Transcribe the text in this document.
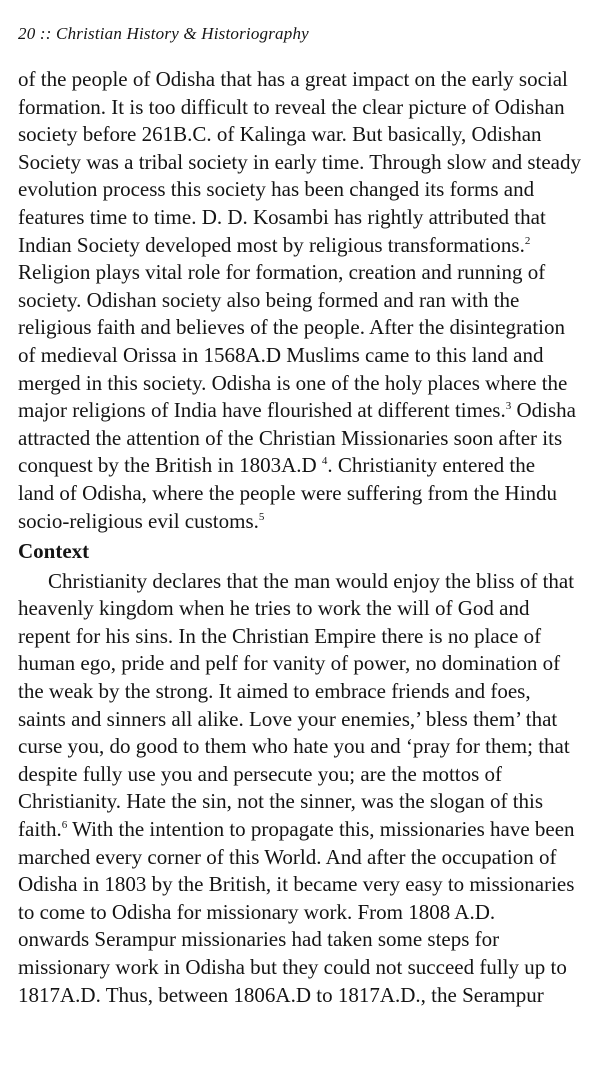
20 :: Christian History & Historiography
of the people of Odisha that has a great impact on the early social
formation. It is too difficult to reveal the clear picture of Odishan
society before 261B.C. of Kalinga war. But basically, Odishan
Society was a tribal society in early time. Through slow and steady
evolution process this society has been changed its forms and
features time to time. D. D. Kosambi has rightly attributed that
Indian Society developed most by religious transformations.$^2$
Religion plays vital role for formation, creation and running of
society. Odishan society also being formed and ran with the
religious faith and believes of the people. After the disintegration
of medieval Orissa in 1568A.D Muslims came to this land and
merged in this society. Odisha is one of the holy places where the
major religions of India have flourished at different times.$^3$ Odisha
attracted the attention of the Christian Missionaries soon after its
conquest by the British in 1803A.D $^4$. Christianity entered the
land of Odisha, where the people were suffering from the Hindu
socio-religious evil customs.$^5$
Context
Christianity declares that the man would enjoy the bliss of that
heavenly kingdom when he tries to work the will of God and
repent for his sins. In the Christian Empire there is no place of
human ego, pride and pelf for vanity of power, no domination of
the weak by the strong. It aimed to embrace friends and foes,
saints and sinners all alike. Love your enemies,’ bless them’ that
curse you, do good to them who hate you and ‘pray for them; that
despite fully use you and persecute you; are the mottos of
Christianity. Hate the sin, not the sinner, was the slogan of this
faith.$^6$ With the intention to propagate this, missionaries have been
marched every corner of this World. And after the occupation of
Odisha in 1803 by the British, it became very easy to missionaries
to come to Odisha for missionary work. From 1808 A.D.
onwards Serampur missionaries had taken some steps for
missionary work in Odisha but they could not succeed fully up to
1817A.D. Thus, between 1806A.D to 1817A.D., the Serampur
